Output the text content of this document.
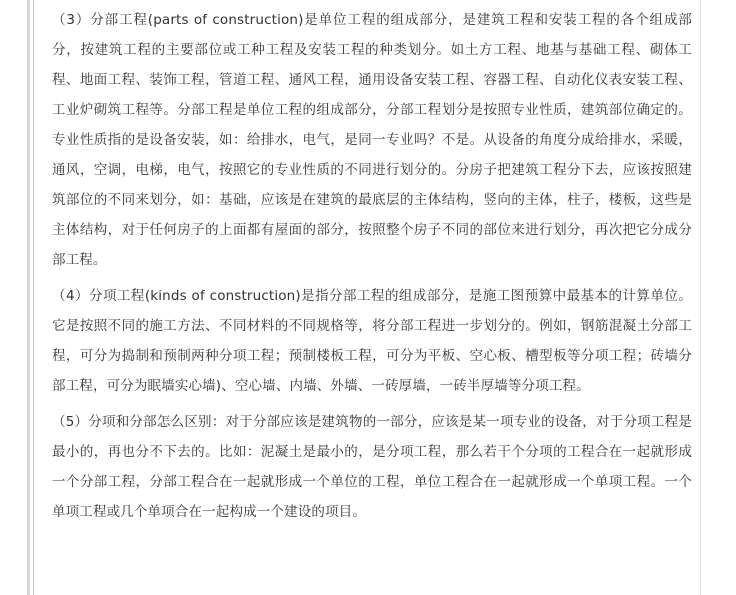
（3）分部工程(parts of construction)是单位工程的组成部分，是建筑工程和安装工程的各个组成部分，按建筑工程的主要部位或工种工程及安装工程的种类划分。如土方工程、地基与基础工程、砌体工程、地面工程、装饰工程，管道工程、通风工程，通用设备安装工程、容器工程、自动化仪表安装工程、工业炉砌筑工程等。分部工程是单位工程的组成部分，分部工程划分是按照专业性质，建筑部位确定的。专业性质指的是设备安装，如：给排水，电气，是同一专业吗？不是。从设备的角度分成给排水，采暖，通风，空调，电梯，电气，按照它的专业性质的不同进行划分的。分房子把建筑工程分下去，应该按照建筑部位的不同来划分，如：基础，应该是在建筑的最底层的主体结构，竖向的主体，柱子，楼板，这些是主体结构，对于任何房子的上面都有屋面的部分，按照整个房子不同的部位来进行划分，再次把它分成分部工程。

（4）分项工程(kinds of construction)是指分部工程的组成部分，是施工图预算中最基本的计算单位。它是按照不同的施工方法、不同材料的不同规格等，将分部工程进一步划分的。例如，钢筋混凝土分部工程，可分为捣制和预制两种分项工程；预制楼板工程，可分为平板、空心板、槽型板等分项工程；砖墙分部工程，可分为眠墙实心墙)、空心墙、内墙、外墙、一砖厚墙，一砖半厚墙等分项工程。

（5）分项和分部怎么区别：对于分部应该是建筑物的一部分，应该是某一项专业的设备，对于分项工程是最小的，再也分不下去的。比如：泥凝土是最小的，是分项工程，那么若干个分项的工程合在一起就形成一个分部工程，分部工程合在一起就形成一个单位的工程，单位工程合在一起就形成一个单项工程。一个单项工程或几个单项合在一起构成一个建设的项目。
